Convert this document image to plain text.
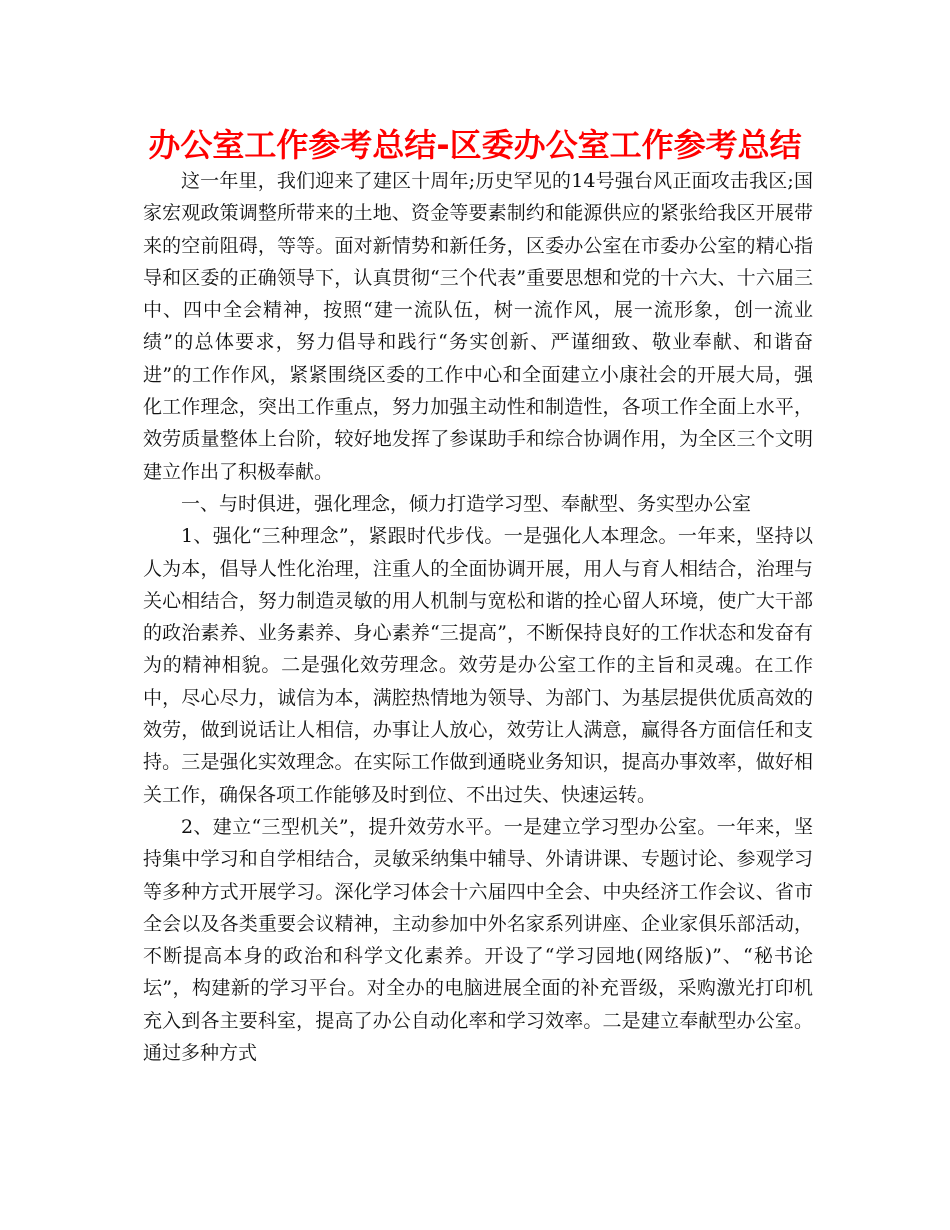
办公室工作参考总结-区委办公室工作参考总结

这一年里，我们迎来了建区十周年;历史罕见的14号强台风正面攻击我区;国家宏观政策调整所带来的土地、资金等要素制约和能源供应的紧张给我区开展带来的空前阻碍，等等。面对新情势和新任务，区委办公室在市委办公室的精心指导和区委的正确领导下，认真贯彻“三个代表”重要思想和党的十六大、十六届三中、四中全会精神，按照“建一流队伍，树一流作风，展一流形象，创一流业绩”的总体要求，努力倡导和践行“务实创新、严谨细致、敬业奉献、和谐奋进”的工作作风，紧紧围绕区委的工作中心和全面建立小康社会的开展大局，强化工作理念，突出工作重点，努力加强主动性和制造性，各项工作全面上水平，效劳质量整体上台阶，较好地发挥了参谋助手和综合协调作用，为全区三个文明建立作出了积极奉献。

一、与时俱进，强化理念，倾力打造学习型、奉献型、务实型办公室

1、强化“三种理念”，紧跟时代步伐。一是强化人本理念。一年来，坚持以人为本，倡导人性化治理，注重人的全面协调开展，用人与育人相结合，治理与关心相结合，努力制造灵敏的用人机制与宽松和谐的拴心留人环境，使广大干部的政治素养、业务素养、身心素养“三提高”，不断保持良好的工作状态和发奋有为的精神相貌。二是强化效劳理念。效劳是办公室工作的主旨和灵魂。在工作中，尽心尽力，诚信为本，满腔热情地为领导、为部门、为基层提供优质高效的效劳，做到说话让人相信，办事让人放心，效劳让人满意，赢得各方面信任和支持。三是强化实效理念。在实际工作做到通晓业务知识，提高办事效率，做好相关工作，确保各项工作能够及时到位、不出过失、快速运转。

2、建立“三型机关”，提升效劳水平。一是建立学习型办公室。一年来，坚持集中学习和自学相结合，灵敏采纳集中辅导、外请讲课、专题讨论、参观学习等多种方式开展学习。深化学习体会十六届四中全会、中央经济工作会议、省市全会以及各类重要会议精神，主动参加中外名家系列讲座、企业家俱乐部活动，不断提高本身的政治和科学文化素养。开设了“学习园地(网络版)”、“秘书论坛”，构建新的学习平台。对全办的电脑进展全面的补充晋级，采购激光打印机充入到各主要科室，提高了办公自动化率和学习效率。二是建立奉献型办公室。通过多种方式
